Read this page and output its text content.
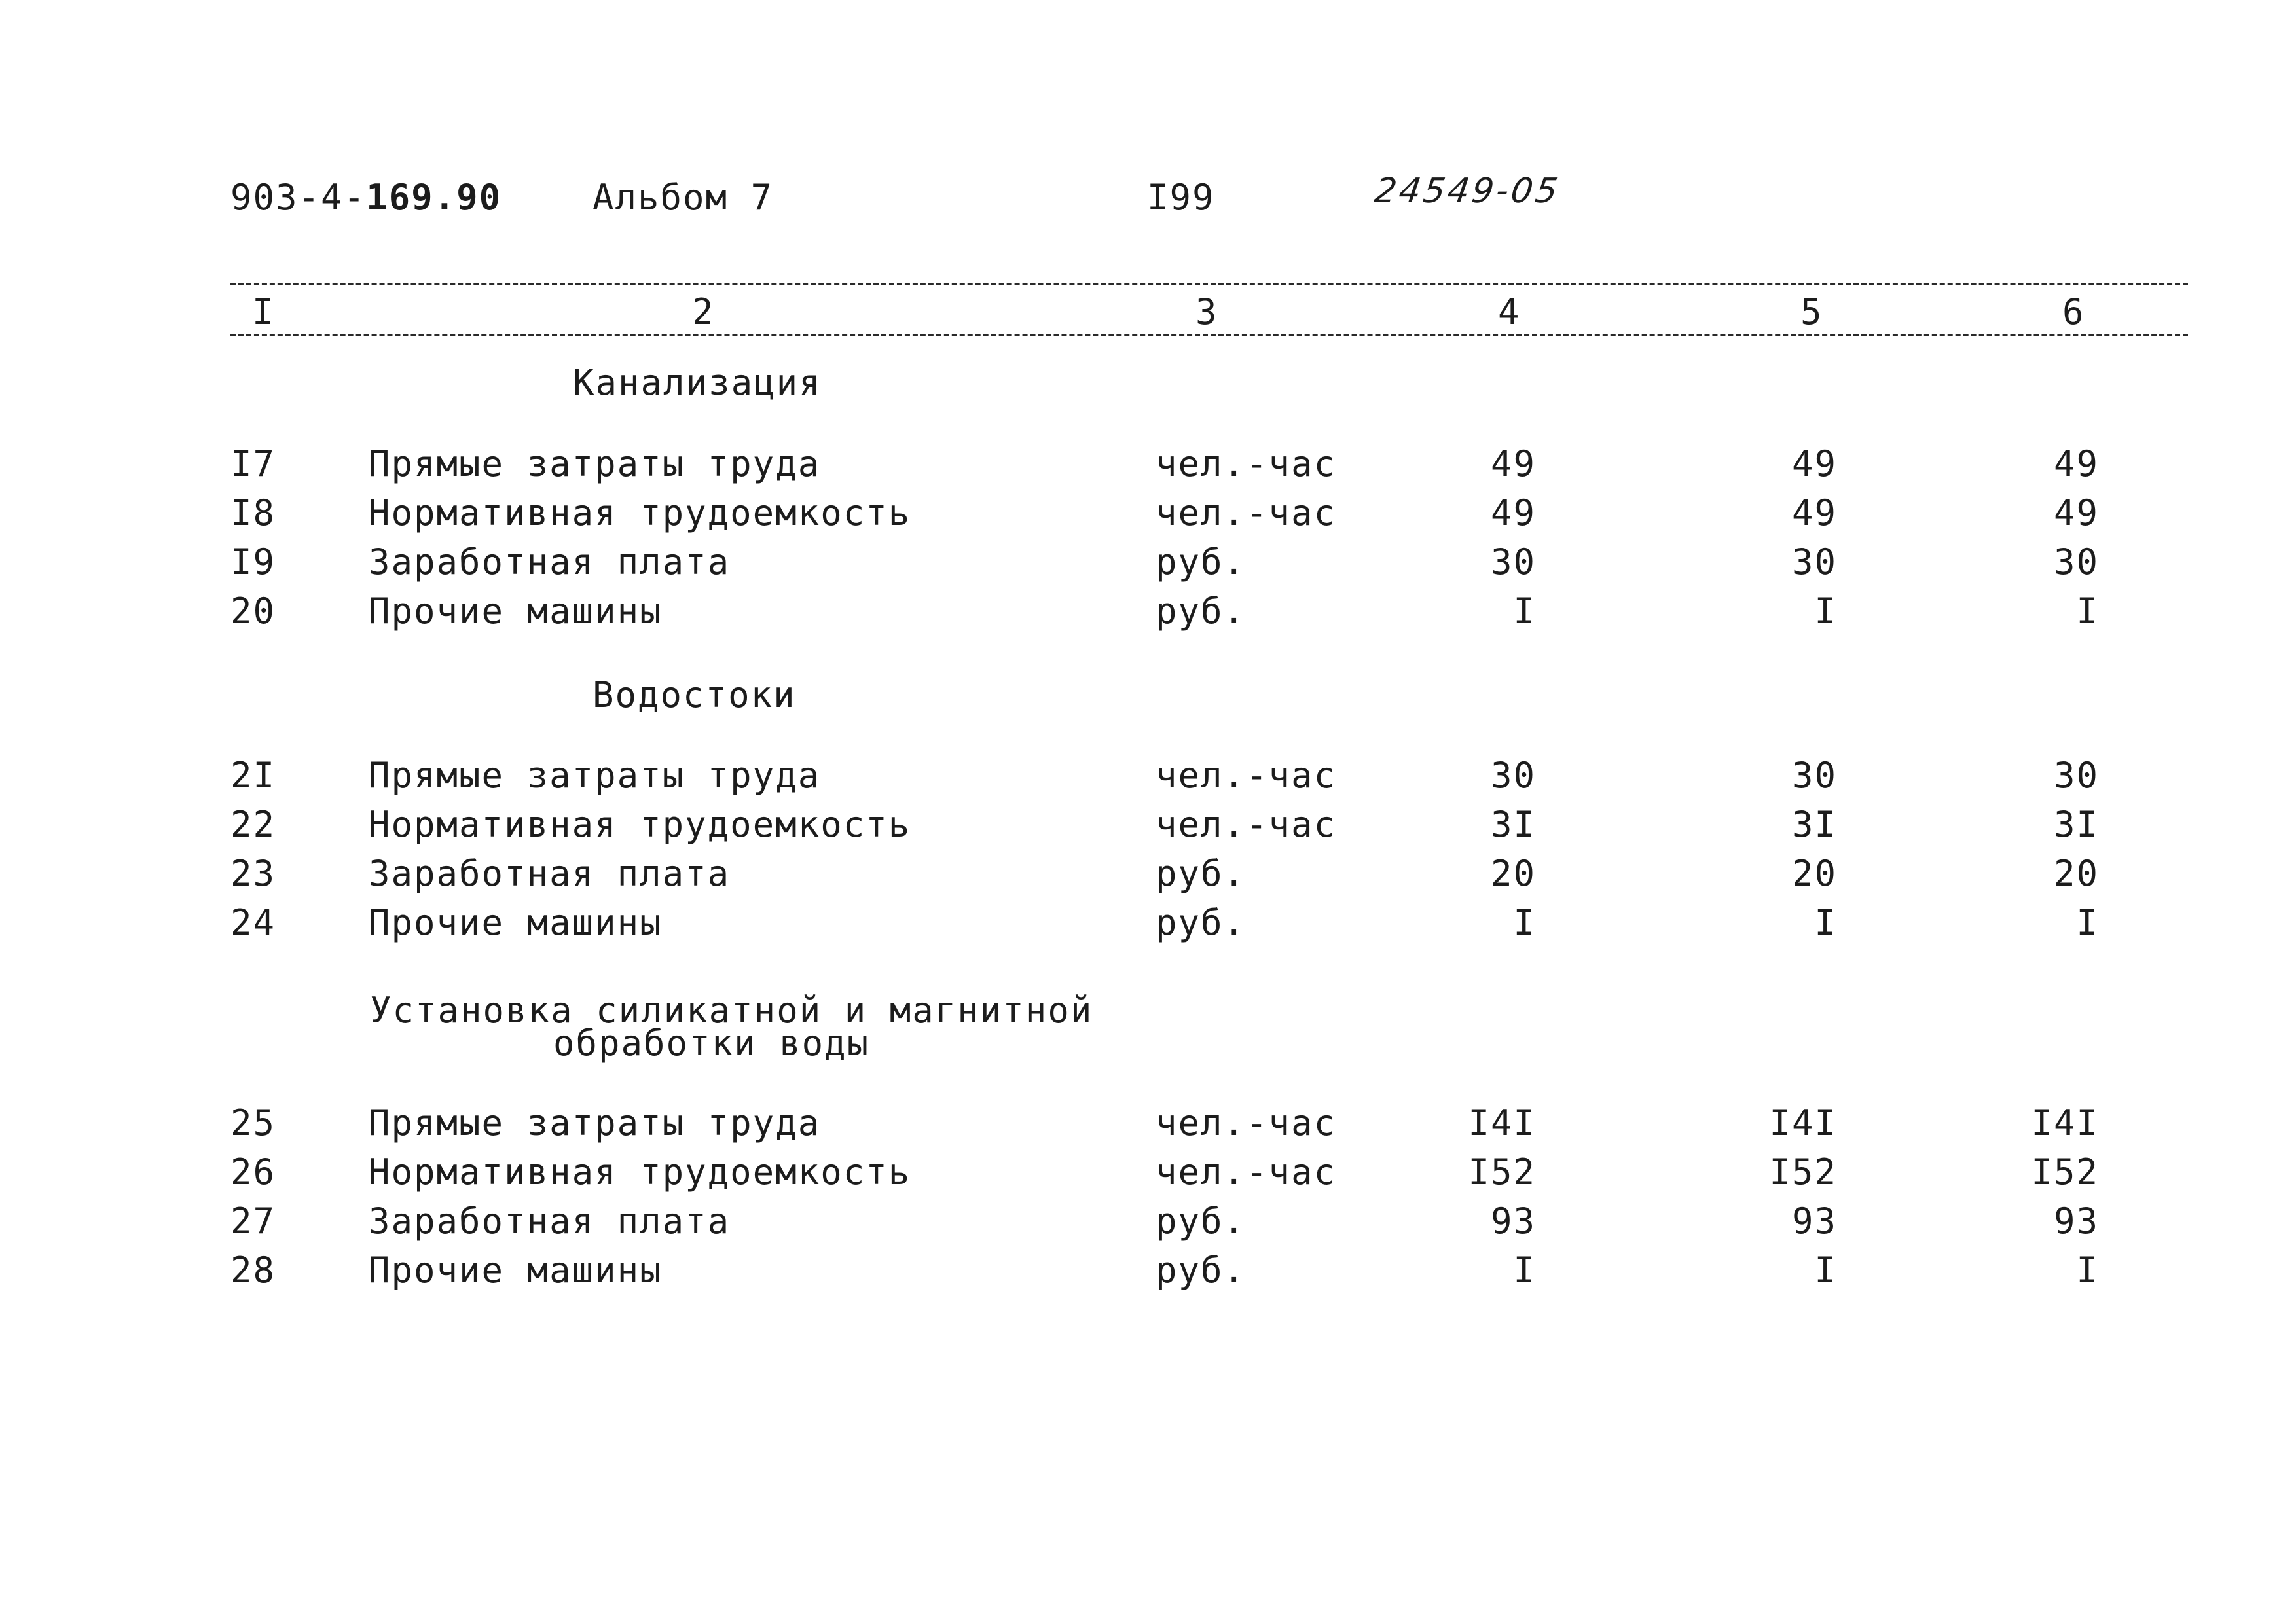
903-4-169.90	Альбом 7	I99	24549-05
I	2	3	4	5	6
Канализация
I7	Прямые затраты труда	чел.-час	49	49	49
I8	Нормативная трудоемкость	чел.-час	49	49	49
I9	Заработная плата	руб.	30	30	30
20	Прочие машины	руб.	I	I	I
Водостоки
2I	Прямые затраты труда	чел.-час	30	30	30
22	Нормативная трудоемкость	чел.-час	3I	3I	3I
23	Заработная плата	руб.	20	20	20
24	Прочие машины	руб.	I	I	I
Установка силикатной и магнитной
обработки воды
25	Прямые затраты труда	чел.-час	I4I	I4I	I4I
26	Нормативная трудоемкость	чел.-час	I52	I52	I52
27	Заработная плата	руб.	93	93	93
28	Прочие машины	руб.	I	I	I
